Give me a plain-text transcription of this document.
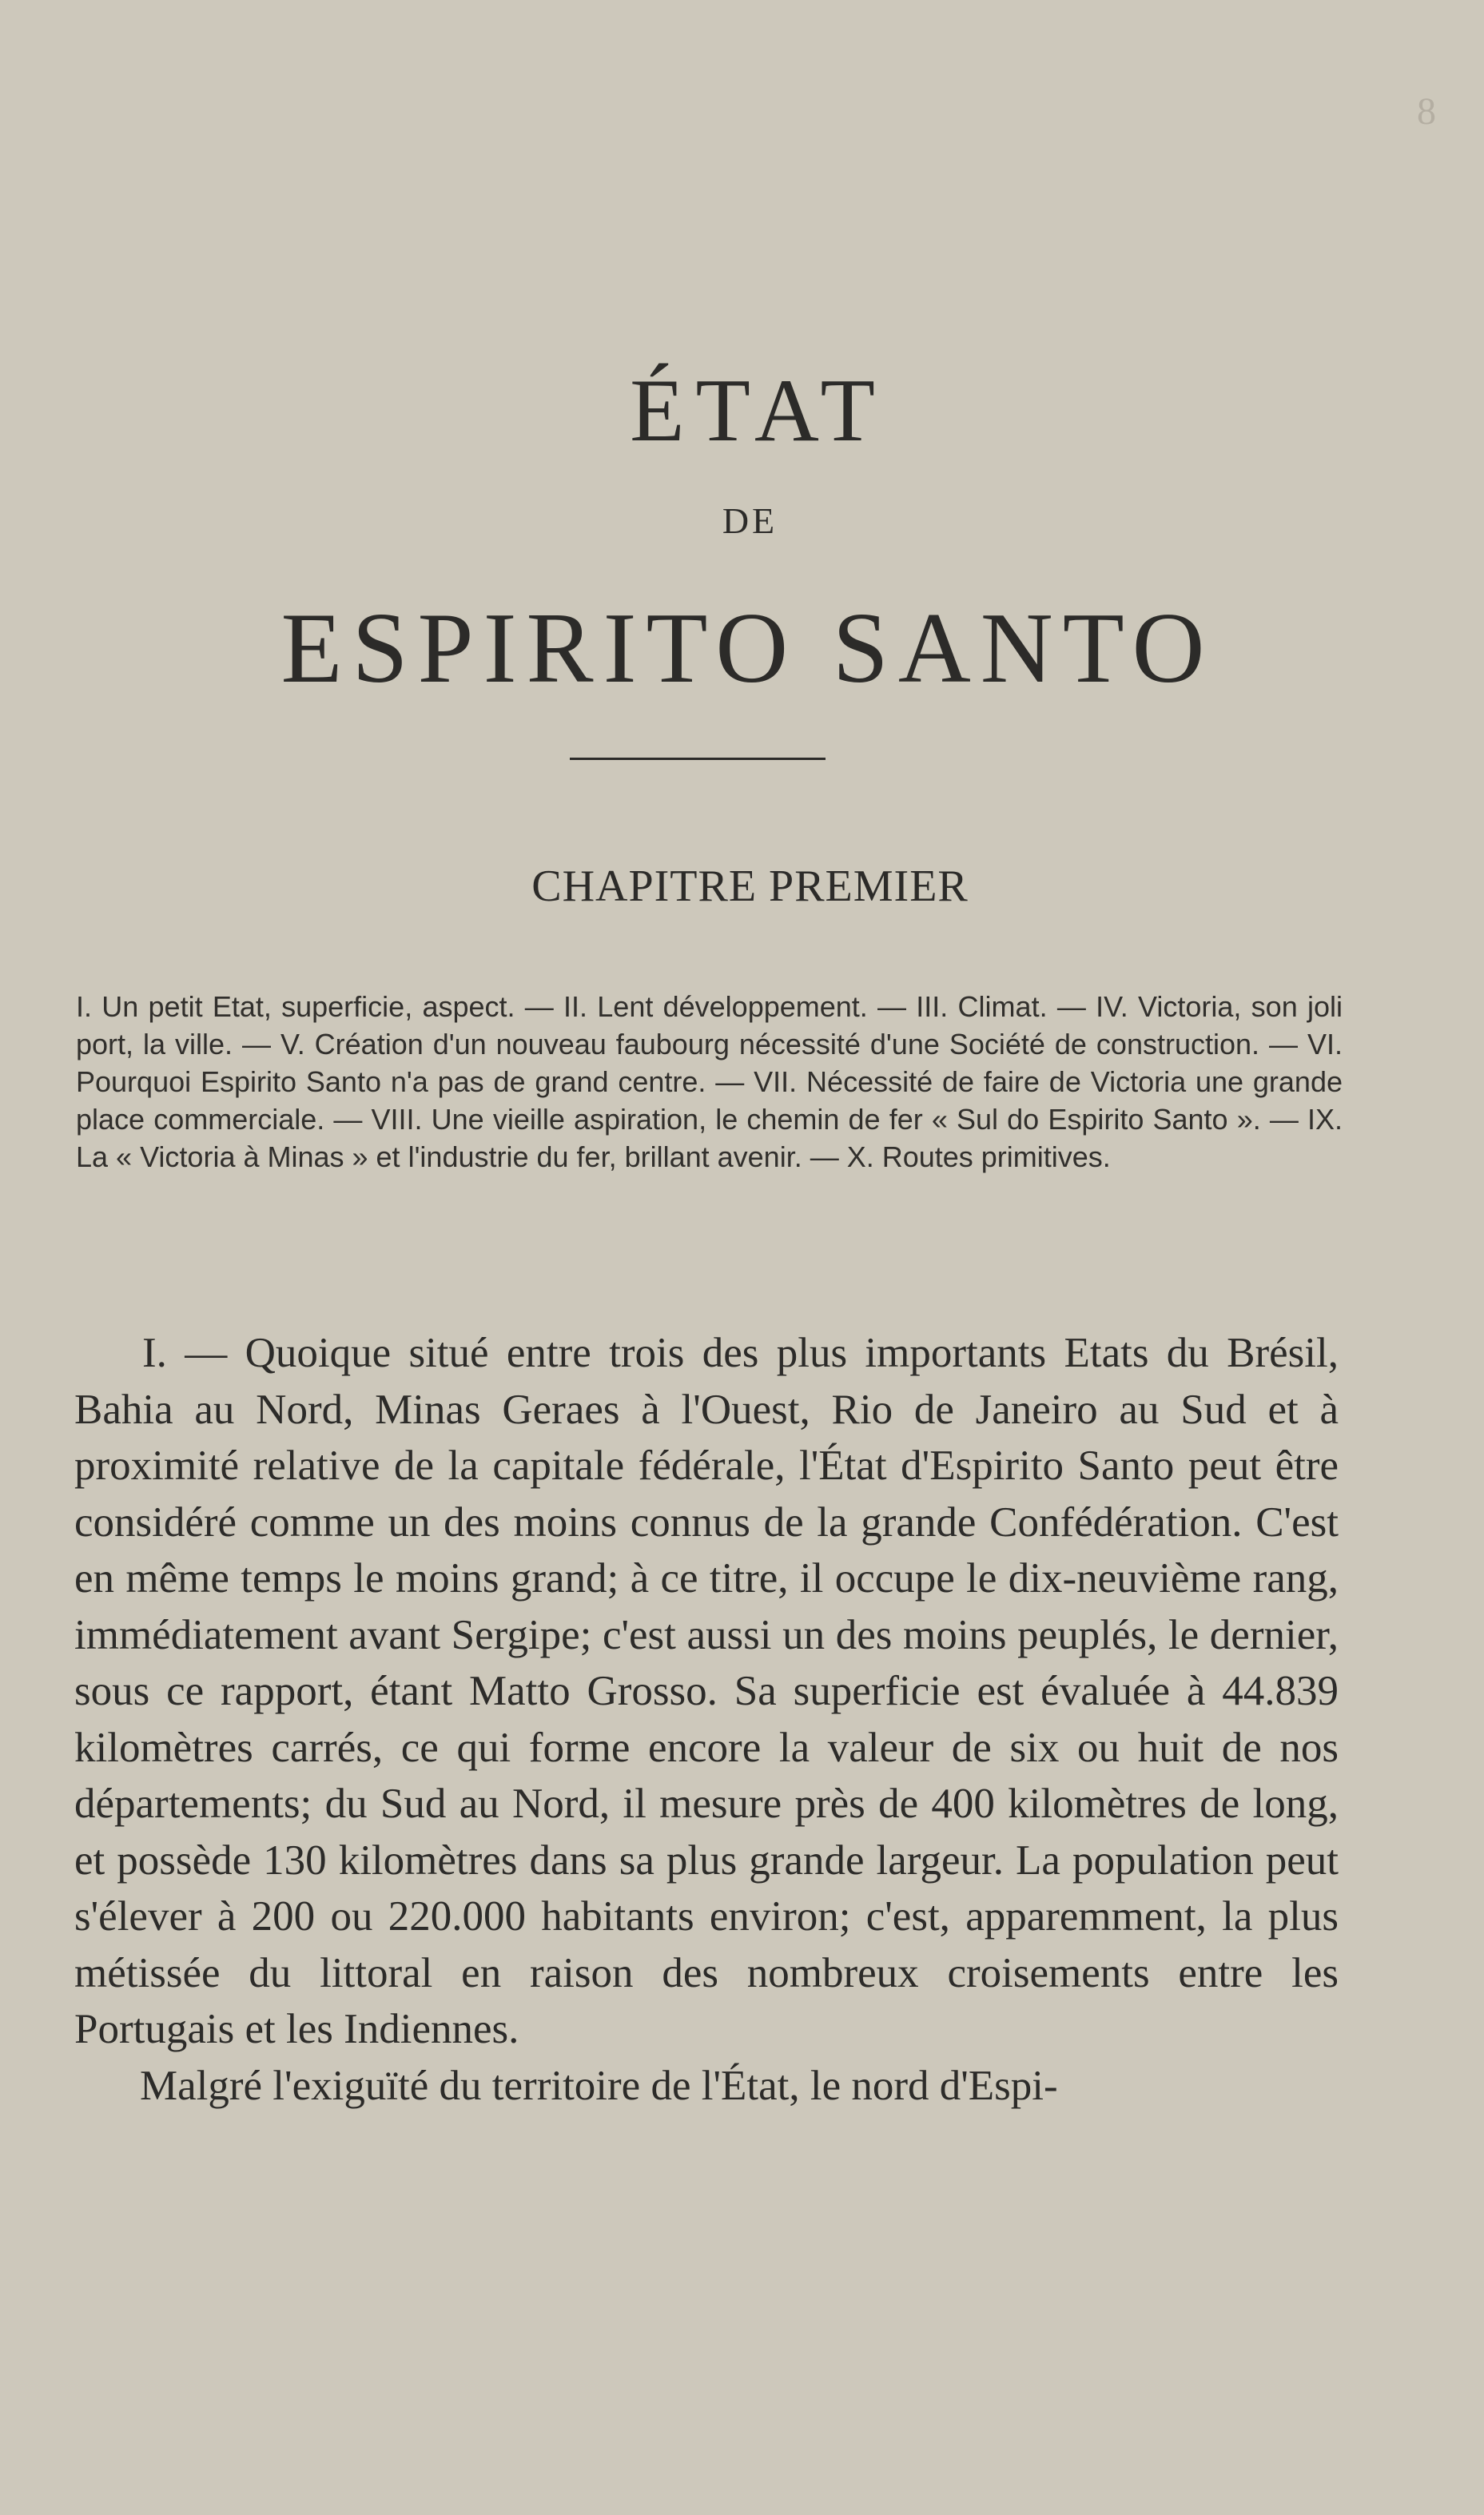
8
ÉTAT
DE
ESPIRITO SANTO
CHAPITRE PREMIER
I. Un petit Etat, superficie, aspect. — II. Lent développement. — III. Climat. — IV. Victoria, son joli port, la ville. — V. Création d'un nouveau faubourg nécessité d'une Société de construction. — VI. Pourquoi Espirito Santo n'a pas de grand centre. — VII. Nécessité de faire de Victoria une grande place commerciale. — VIII. Une vieille aspiration, le chemin de fer « Sul do Espirito Santo ». — IX. La « Victoria à Minas » et l'industrie du fer, brillant avenir. — X. Routes primitives.

I. — Quoique situé entre trois des plus importants Etats du Brésil, Bahia au Nord, Minas Geraes à l'Ouest, Rio de Janeiro au Sud et à proximité relative de la capitale fédérale, l'État d'Espirito Santo peut être considéré comme un des moins connus de la grande Confédération. C'est en même temps le moins grand; à ce titre, il occupe le dix-neuvième rang, immédiatement avant Sergipe; c'est aussi un des moins peuplés, le dernier, sous ce rapport, étant Matto Grosso. Sa superficie est évaluée à 44.839 kilomètres carrés, ce qui forme encore la valeur de six ou huit de nos départements; du Sud au Nord, il mesure près de 400 kilomètres de long, et possède 130 kilomètres dans sa plus grande largeur. La population peut s'élever à 200 ou 220.000 habitants environ; c'est, apparemment, la plus métissée du littoral en raison des nombreux croisements entre les Portugais et les Indiennes.

Malgré l'exiguïté du territoire de l'État, le nord d'Espi-
